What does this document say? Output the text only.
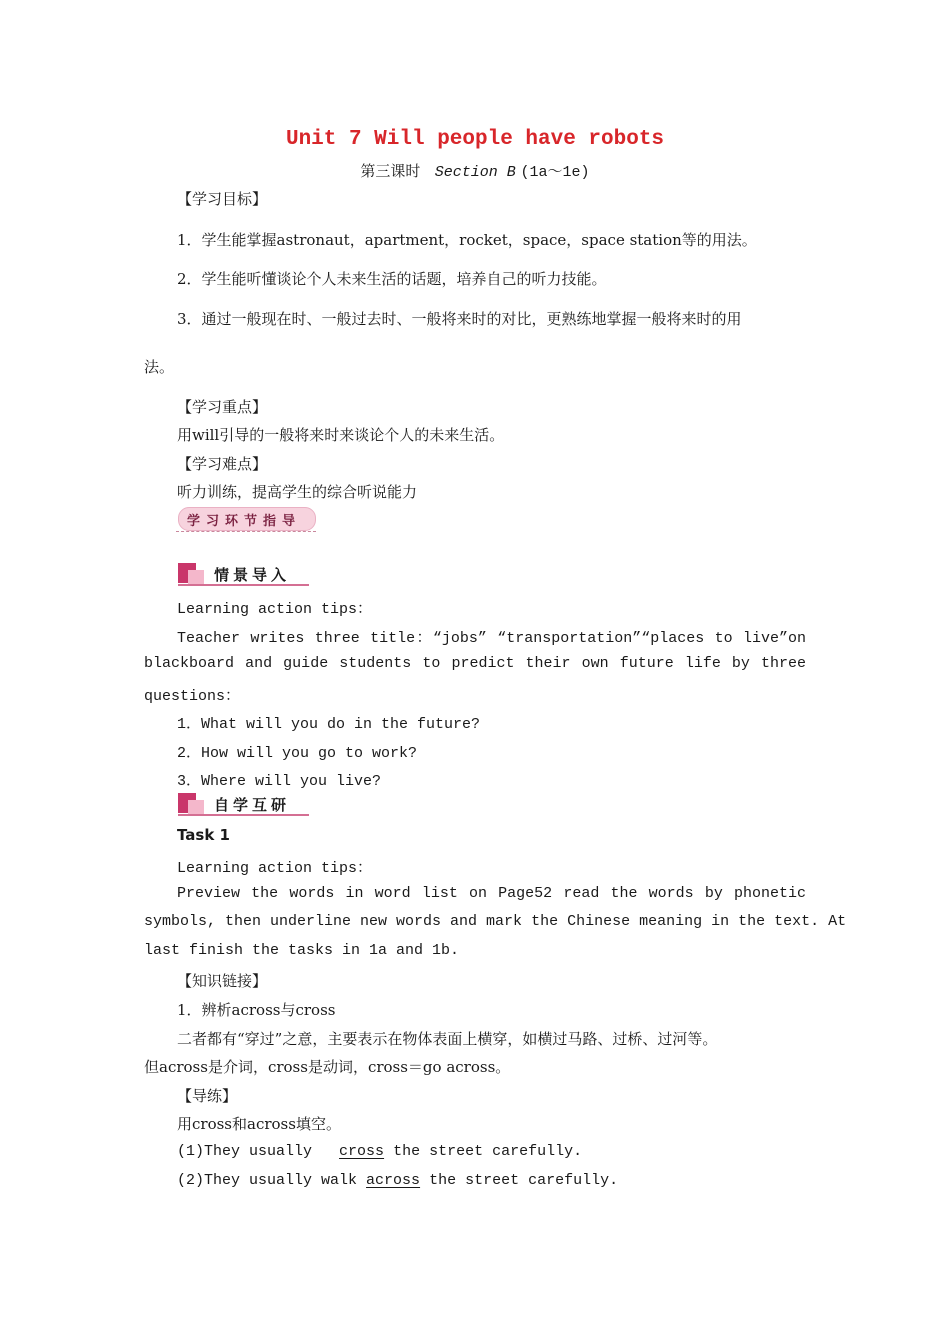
Unit 7 Will people have robots
第三课时 Section B (1a～1e)
【学习目标】
1．学生能掌握astronaut，apartment，rocket，space，space station等的用法。
2．学生能听懂谈论个人未来生活的话题，培养自己的听力技能。
3．通过一般现在时、一般过去时、一般将来时的对比，更熟练地掌握一般将来时的用
法。
【学习重点】
用will引导的一般将来时来谈论个人的未来生活。
【学习难点】
听力训练，提高学生的综合听说能力
学习环节指导
情景导入
Learning action tips：
Teacher writes three title：“jobs” “transportation”“places to live”on
blackboard and guide students to predict their own future life by three
questions：
1．What will you do in the future?
2．How will you go to work?
3．Where will you live?
自学互研
Task 1
Learning action tips：
Preview the words in word list on Page52 read the words by phonetic
symbols, then underline new words and mark the Chinese meaning in the text. At
last finish the tasks in 1a and 1b.
【知识链接】
1．辨析across与cross
二者都有“穿过”之意，主要表示在物体表面上横穿，如横过马路、过桥、过河等。
但across是介词，cross是动词，cross＝go across。
【导练】
用cross和across填空。
(1)They usually cross the street carefully.
(2)They usually walk across the street carefully.
